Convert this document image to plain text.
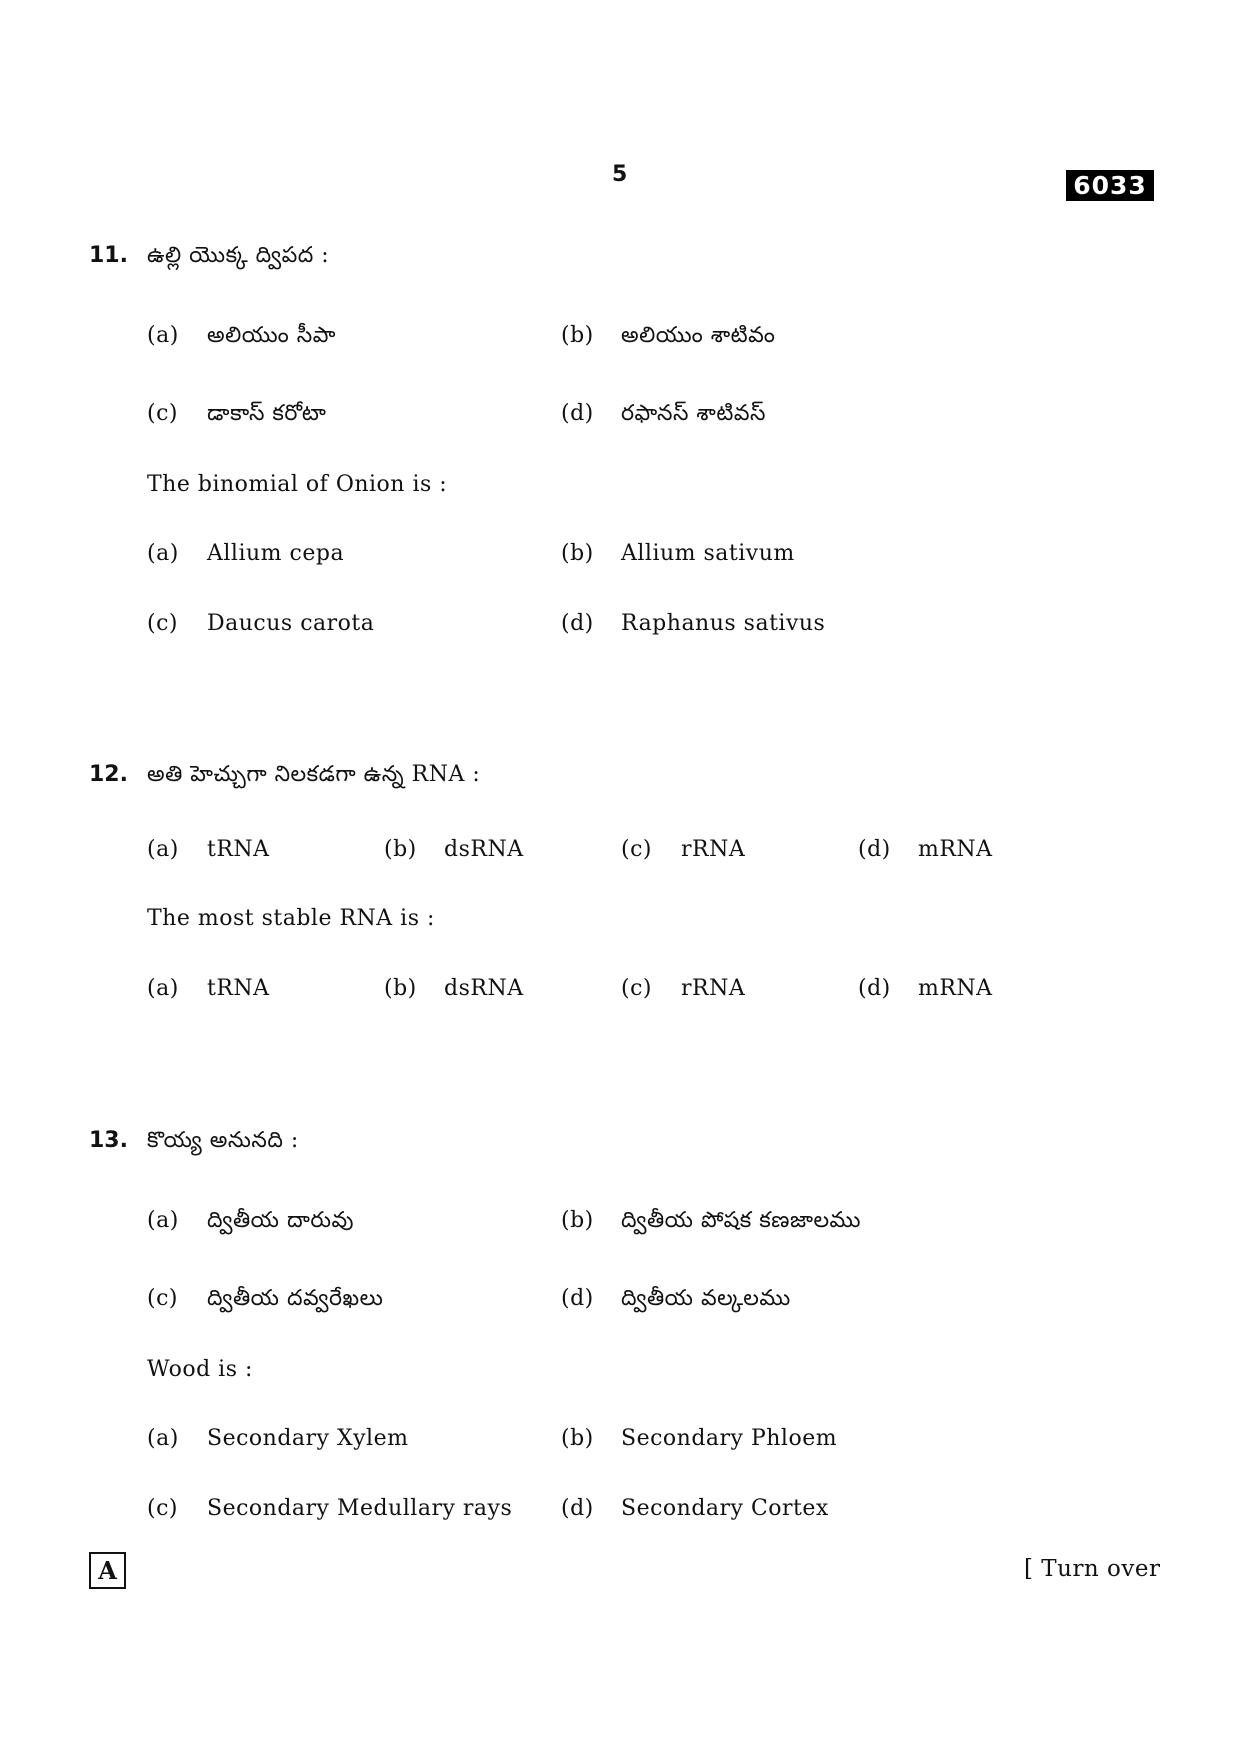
5	6033
11. ఉల్లి యొక్క ద్విపద :
(a) అలియుం సీపా	(b) అలియుం శాటివం
(c) డాకాస్ కరోటా	(d) రఫానస్ శాటివస్
The binomial of Onion is :
(a) Allium cepa	(b) Allium sativum
(c) Daucus carota	(d) Raphanus sativus
12. అతి హెచ్చుగా నిలకడగా ఉన్న RNA :
(a) tRNA	(b) dsRNA	(c) rRNA	(d) mRNA
The most stable RNA is :
(a) tRNA	(b) dsRNA	(c) rRNA	(d) mRNA
13. కొయ్య అనునది :
(a) ద్వితీయ దారువు	(b) ద్వితీయ పోషక కణజాలము
(c) ద్వితీయ దవ్వరేఖలు	(d) ద్వితీయ వల్కలము
Wood is :
(a) Secondary Xylem	(b) Secondary Phloem
(c) Secondary Medullary rays (d) Secondary Cortex
A	[ Turn over
